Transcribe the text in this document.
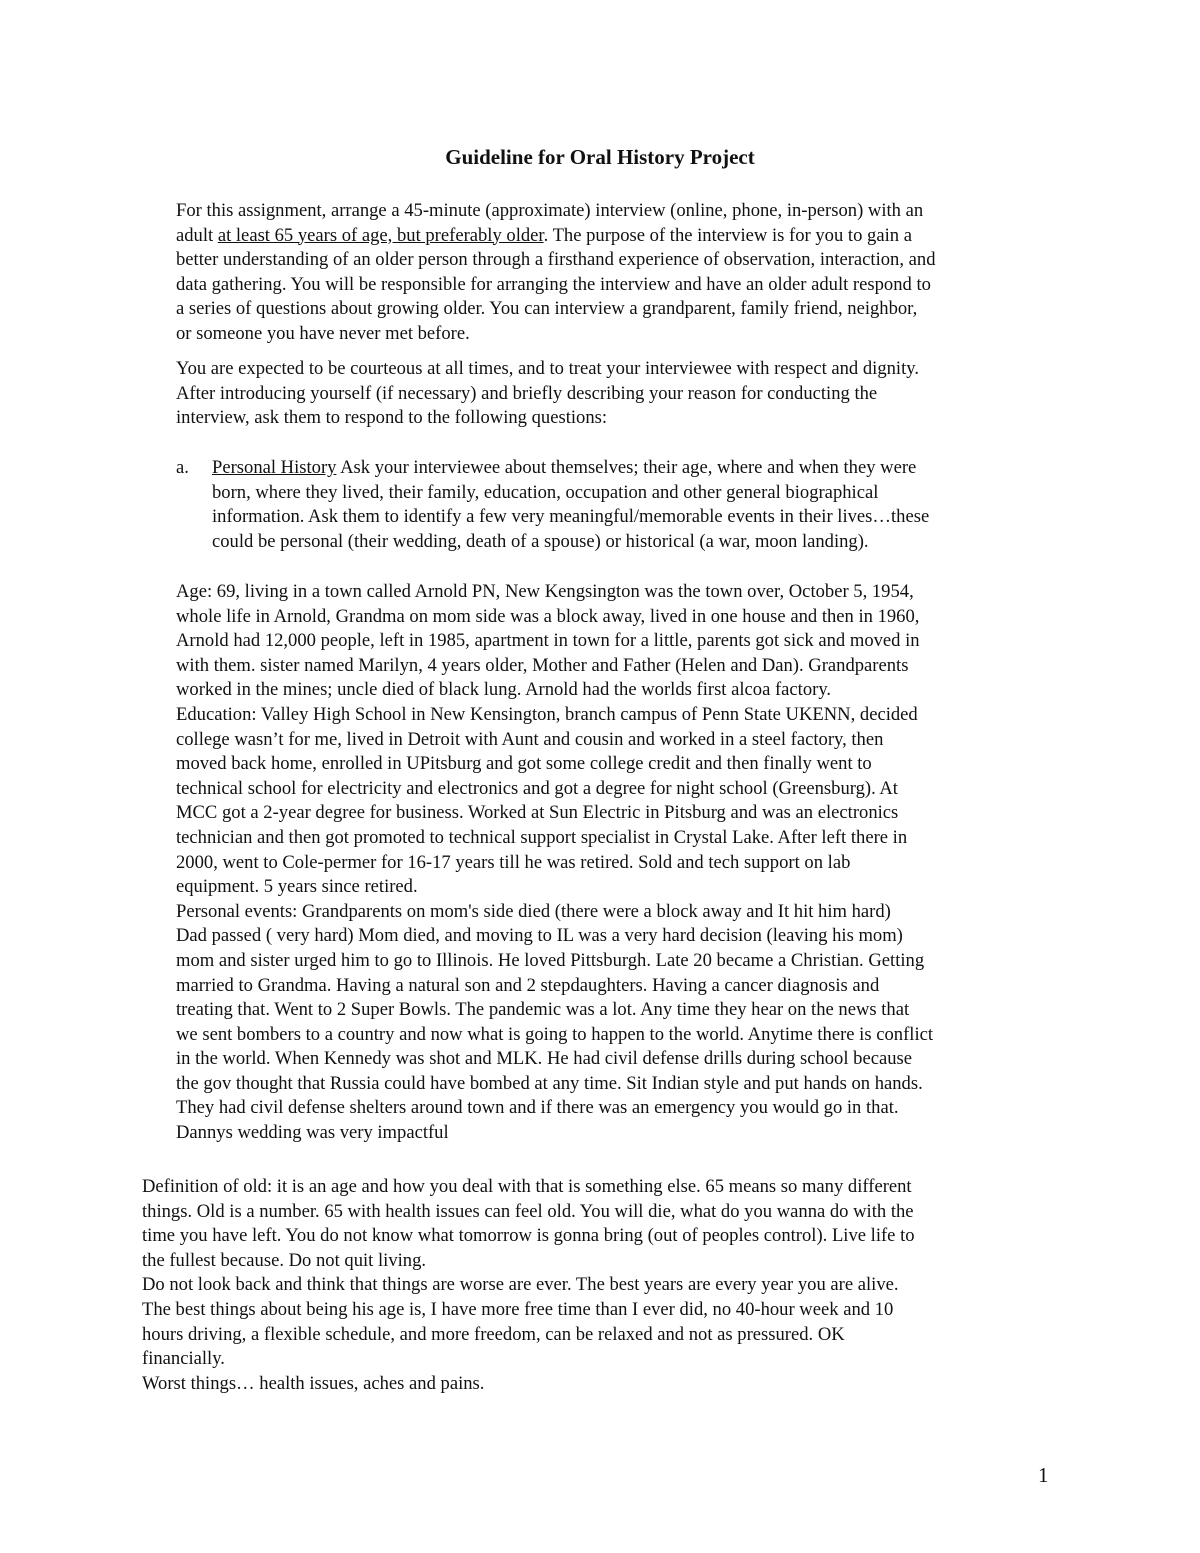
Guideline for Oral History Project
For this assignment, arrange a 45-minute (approximate) interview (online, phone, in-person) with an
adult at least 65 years of age, but preferably older. The purpose of the interview is for you to gain a
better understanding of an older person through a firsthand experience of observation, interaction, and
data gathering. You will be responsible for arranging the interview and have an older adult respond to
a series of questions about growing older. You can interview a grandparent, family friend, neighbor,
or someone you have never met before.
You are expected to be courteous at all times, and to treat your interviewee with respect and dignity.
After introducing yourself (if necessary) and briefly describing your reason for conducting the
interview, ask them to respond to the following questions:
a. Personal History Ask your interviewee about themselves; their age, where and when they were
born, where they lived, their family, education, occupation and other general biographical
information. Ask them to identify a few very meaningful/memorable events in their lives…these
could be personal (their wedding, death of a spouse) or historical (a war, moon landing).
Age: 69, living in a town called Arnold PN, New Kengsington was the town over, October 5, 1954,
whole life in Arnold, Grandma on mom side was a block away, lived in one house and then in 1960,
Arnold had 12,000 people, left in 1985, apartment in town for a little, parents got sick and moved in
with them. sister named Marilyn, 4 years older, Mother and Father (Helen and Dan). Grandparents
worked in the mines; uncle died of black lung. Arnold had the worlds first alcoa factory.
Education: Valley High School in New Kensington, branch campus of Penn State UKENN, decided
college wasn’t for me, lived in Detroit with Aunt and cousin and worked in a steel factory, then
moved back home, enrolled in UPitsburg and got some college credit and then finally went to
technical school for electricity and electronics and got a degree for night school (Greensburg). At
MCC got a 2-year degree for business. Worked at Sun Electric in Pitsburg and was an electronics
technician and then got promoted to technical support specialist in Crystal Lake. After left there in
2000, went to Cole-permer for 16-17 years till he was retired. Sold and tech support on lab
equipment. 5 years since retired.
Personal events: Grandparents on mom's side died (there were a block away and It hit him hard)
Dad passed ( very hard) Mom died, and moving to IL was a very hard decision (leaving his mom)
mom and sister urged him to go to Illinois. He loved Pittsburgh. Late 20 became a Christian. Getting
married to Grandma. Having a natural son and 2 stepdaughters. Having a cancer diagnosis and
treating that. Went to 2 Super Bowls. The pandemic was a lot. Any time they hear on the news that
we sent bombers to a country and now what is going to happen to the world. Anytime there is conflict
in the world. When Kennedy was shot and MLK. He had civil defense drills during school because
the gov thought that Russia could have bombed at any time. Sit Indian style and put hands on hands.
They had civil defense shelters around town and if there was an emergency you would go in that.
Dannys wedding was very impactful
Definition of old: it is an age and how you deal with that is something else. 65 means so many different
things. Old is a number. 65 with health issues can feel old. You will die, what do you wanna do with the
time you have left. You do not know what tomorrow is gonna bring (out of peoples control). Live life to
the fullest because. Do not quit living.
Do not look back and think that things are worse are ever. The best years are every year you are alive.
The best things about being his age is, I have more free time than I ever did, no 40-hour week and 10
hours driving, a flexible schedule, and more freedom, can be relaxed and not as pressured. OK
financially.
Worst things… health issues, aches and pains.
1
